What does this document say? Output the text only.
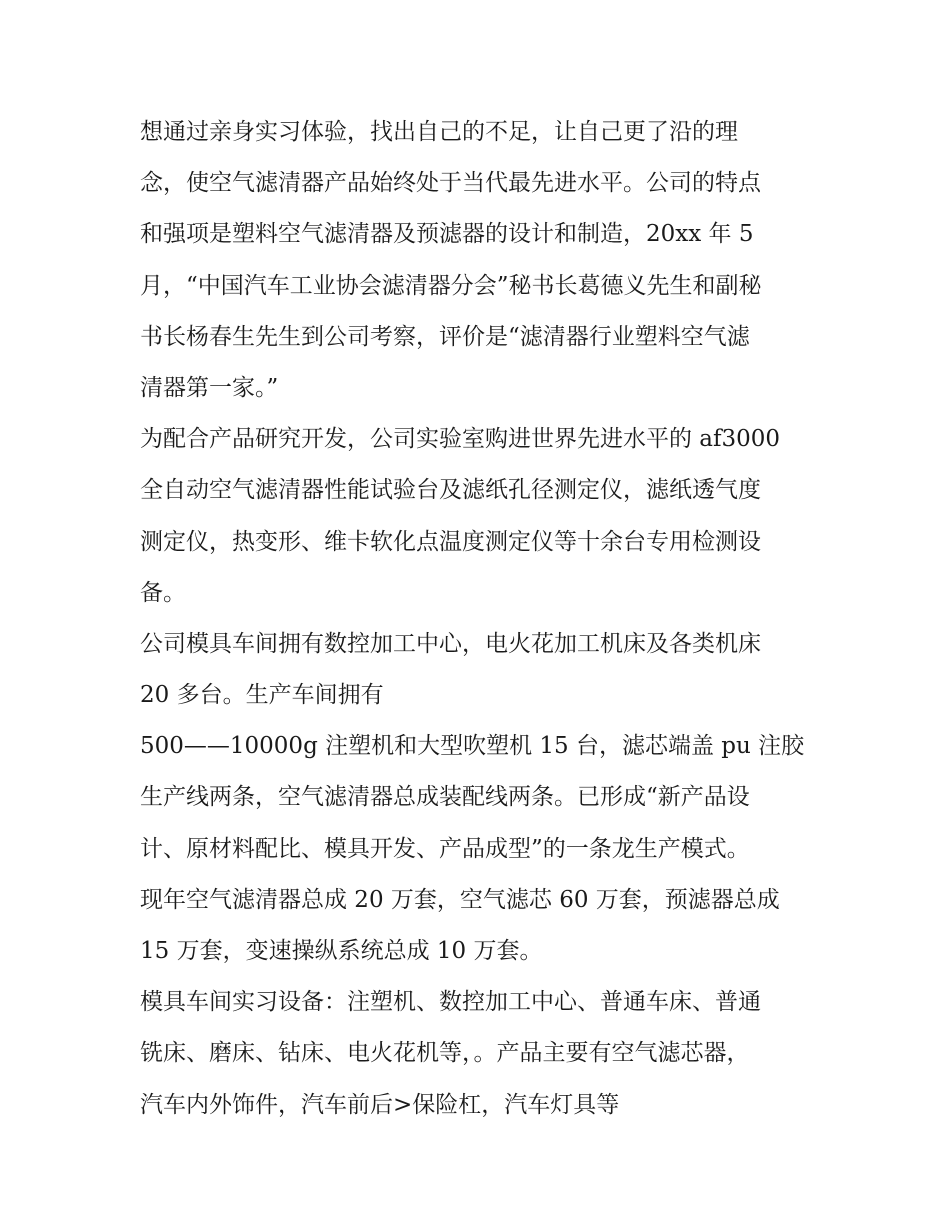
想通过亲身实习体验，找出自己的不足，让自己更了沿的理
念，使空气滤清器产品始终处于当代最先进水平。公司的特点
和强项是塑料空气滤清器及预滤器的设计和制造，20xx 年 5
月，“中国汽车工业协会滤清器分会”秘书长葛德义先生和副秘
书长杨春生先生到公司考察，评价是“滤清器行业塑料空气滤
清器第一家。”
为配合产品研究开发，公司实验室购进世界先进水平的 af3000
全自动空气滤清器性能试验台及滤纸孔径测定仪，滤纸透气度
测定仪，热变形、维卡软化点温度测定仪等十余台专用检测设
备。
公司模具车间拥有数控加工中心，电火花加工机床及各类机床
20 多台。生产车间拥有
500——10000g 注塑机和大型吹塑机 15 台，滤芯端盖 pu 注胶
生产线两条，空气滤清器总成装配线两条。已形成“新产品设
计、原材料配比、模具开发、产品成型”的一条龙生产模式。
现年空气滤清器总成 20 万套，空气滤芯 60 万套，预滤器总成
15 万套，变速操纵系统总成 10 万套。
模具车间实习设备：注塑机、数控加工中心、普通车床、普通
铣床、磨床、钻床、电火花机等，。产品主要有空气滤芯器，
汽车内外饰件，汽车前后>保险杠，汽车灯具等
